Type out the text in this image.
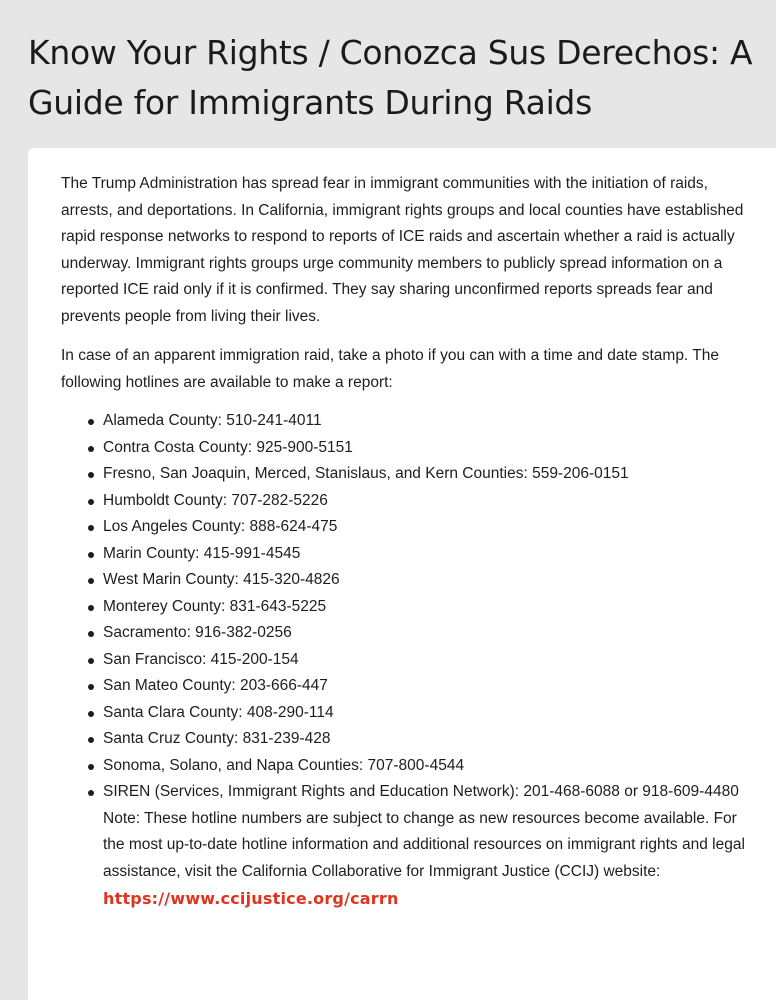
Know Your Rights / Conozca Sus Derechos: A Guide for Immigrants During Raids

The Trump Administration has spread fear in immigrant communities with the initiation of raids, arrests, and deportations. In California, immigrant rights groups and local counties have established rapid response networks to respond to reports of ICE raids and ascertain whether a raid is actually underway. Immigrant rights groups urge community members to publicly spread information on a reported ICE raid only if it is confirmed. They say sharing unconfirmed reports spreads fear and prevents people from living their lives.

In case of an apparent immigration raid, take a photo if you can with a time and date stamp. The following hotlines are available to make a report:

Alameda County: 510-241-4011
Contra Costa County: 925-900-5151
Fresno, San Joaquin, Merced, Stanislaus, and Kern Counties: 559-206-0151
Humboldt County: 707-282-5226
Los Angeles County: 888-624-475
Marin County: 415-991-4545
West Marin County: 415-320-4826
Monterey County: 831-643-5225
Sacramento: 916-382-0256
San Francisco: 415-200-154
San Mateo County: 203-666-447
Santa Clara County: 408-290-114
Santa Cruz County: 831-239-428
Sonoma, Solano, and Napa Counties: 707-800-4544
SIREN (Services, Immigrant Rights and Education Network): 201-468-6088 or 918-609-4480
Note: These hotline numbers are subject to change as new resources become available. For the most up-to-date hotline information and additional resources on immigrant rights and legal assistance, visit the California Collaborative for Immigrant Justice (CCIJ) website:
https://www.ccijustice.org/carrn
